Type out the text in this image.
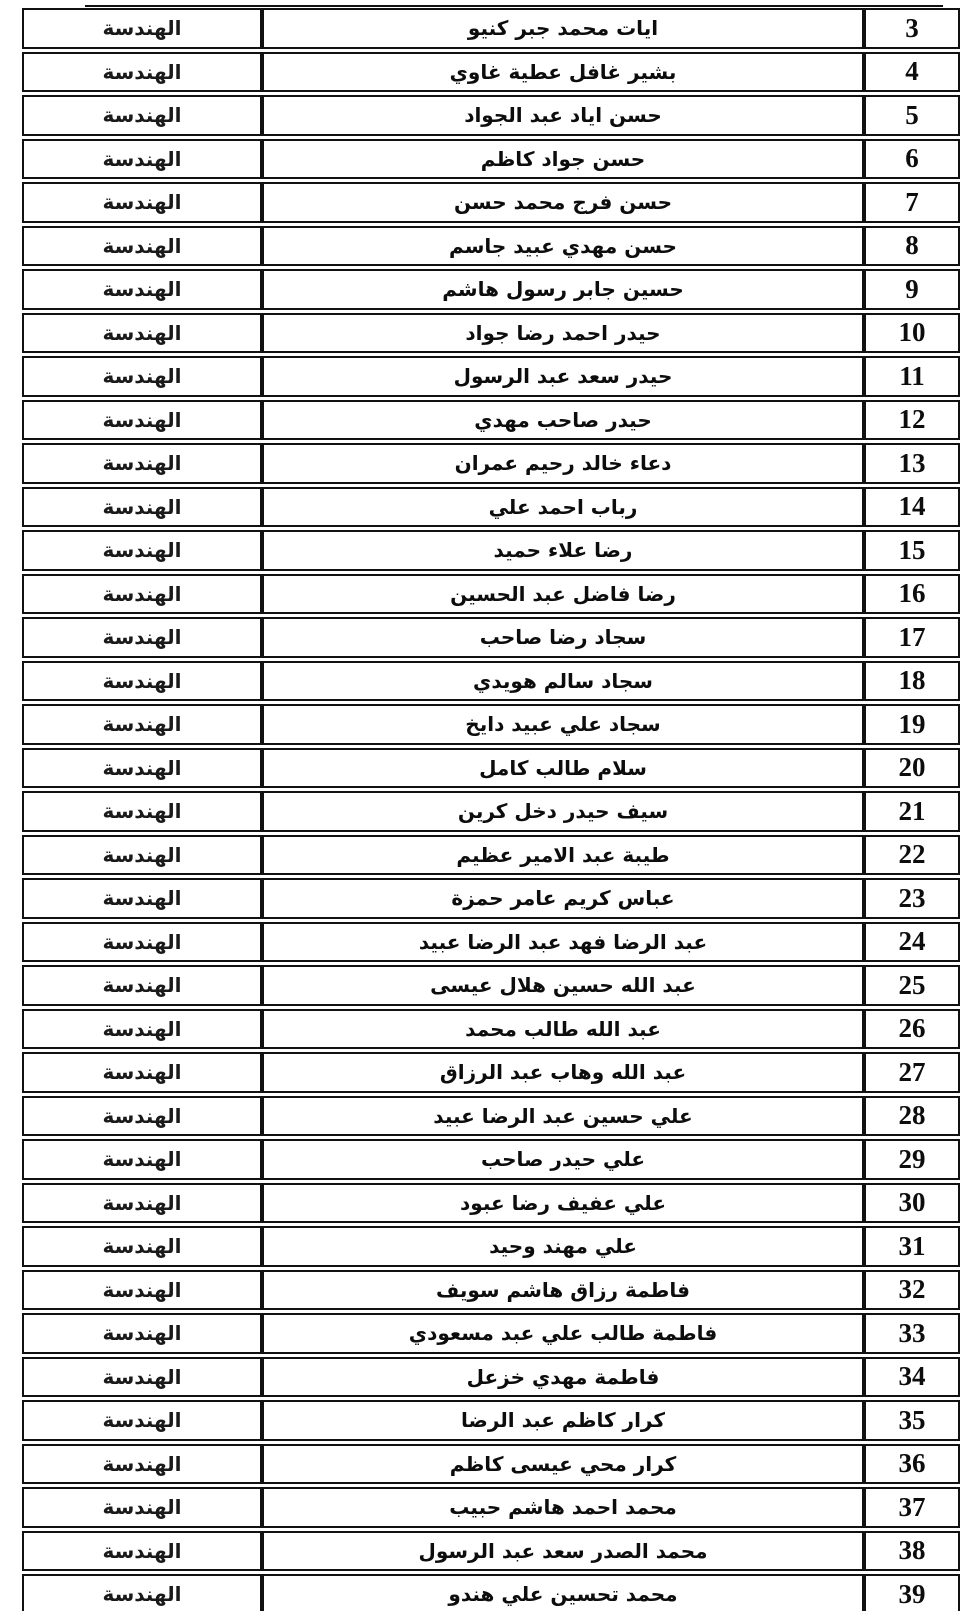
3	ايات محمد جبر كنيو	الهندسة
4	بشير غافل عطية غاوي	الهندسة
5	حسن اياد عبد الجواد	الهندسة
6	حسن جواد كاظم	الهندسة
7	حسن فرج محمد حسن	الهندسة
8	حسن مهدي عبيد جاسم	الهندسة
9	حسين جابر رسول هاشم	الهندسة
10	حيدر احمد رضا جواد	الهندسة
11	حيدر سعد عبد الرسول	الهندسة
12	حيدر صاحب مهدي	الهندسة
13	دعاء خالد رحيم عمران	الهندسة
14	رباب احمد علي	الهندسة
15	رضا علاء حميد	الهندسة
16	رضا فاضل عبد الحسين	الهندسة
17	سجاد رضا صاحب	الهندسة
18	سجاد سالم هويدي	الهندسة
19	سجاد علي عبيد دايخ	الهندسة
20	سلام طالب كامل	الهندسة
21	سيف حيدر دخل كرين	الهندسة
22	طيبة عبد الامير عظيم	الهندسة
23	عباس كريم عامر حمزة	الهندسة
24	عبد الرضا فهد عبد الرضا عبيد	الهندسة
25	عبد الله حسين هلال عيسى	الهندسة
26	عبد الله طالب محمد	الهندسة
27	عبد الله وهاب عبد الرزاق	الهندسة
28	علي حسين عبد الرضا عبيد	الهندسة
29	علي حيدر صاحب	الهندسة
30	علي عفيف رضا عبود	الهندسة
31	علي مهند وحيد	الهندسة
32	فاطمة رزاق هاشم سويف	الهندسة
33	فاطمة طالب علي عبد مسعودي	الهندسة
34	فاطمة مهدي خزعل	الهندسة
35	كرار كاظم عبد الرضا	الهندسة
36	كرار محي عيسى كاظم	الهندسة
37	محمد احمد هاشم حبيب	الهندسة
38	محمد الصدر سعد عبد الرسول	الهندسة
39	محمد تحسين علي هندو	الهندسة
